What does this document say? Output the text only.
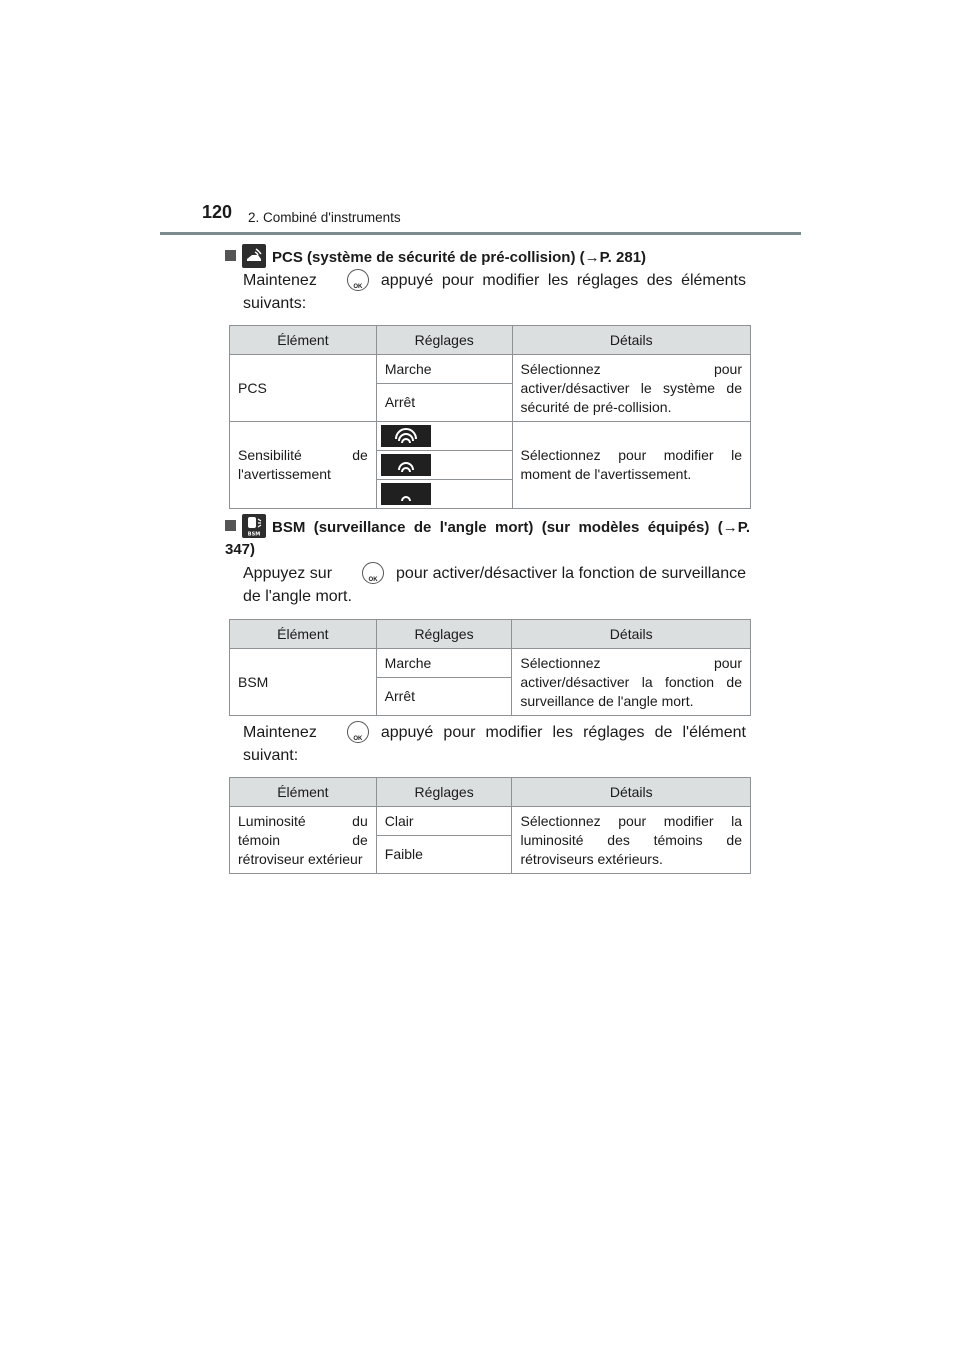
120 2. Combiné d'instruments
PCS (système de sécurité de pré-collision) (→P. 281)
Maintenez OK	appuyé pour modifier les réglages des éléments suivants:
Élément	Réglages	Détails
PCS	Marche	Sélectionnez pour activer/désactiver le système de sécurité de pré-collision.
	Arrêt	
Sensibilité de l'avertissement		Sélectionnez pour modifier le moment de l'avertissement.

BSM BSM (surveillance de l'angle mort) (sur modèles équipés) (→P. 347)
Appuyez sur OK	pour activer/désactiver la fonction de surveillance de l'angle mort.
Élément	Réglages	Détails
BSM	Marche	Sélectionnez pour activer/désactiver la fonction de surveillance de l'angle mort.
	Arrêt	
Maintenez OK	appuyé pour modifier les réglages de l'élément suivant:
Élément	Réglages	Détails
Luminosité du témoin de rétroviseur extérieur	Clair	Sélectionnez pour modifier la luminosité des témoins de rétroviseurs extérieurs.
	Faible	
